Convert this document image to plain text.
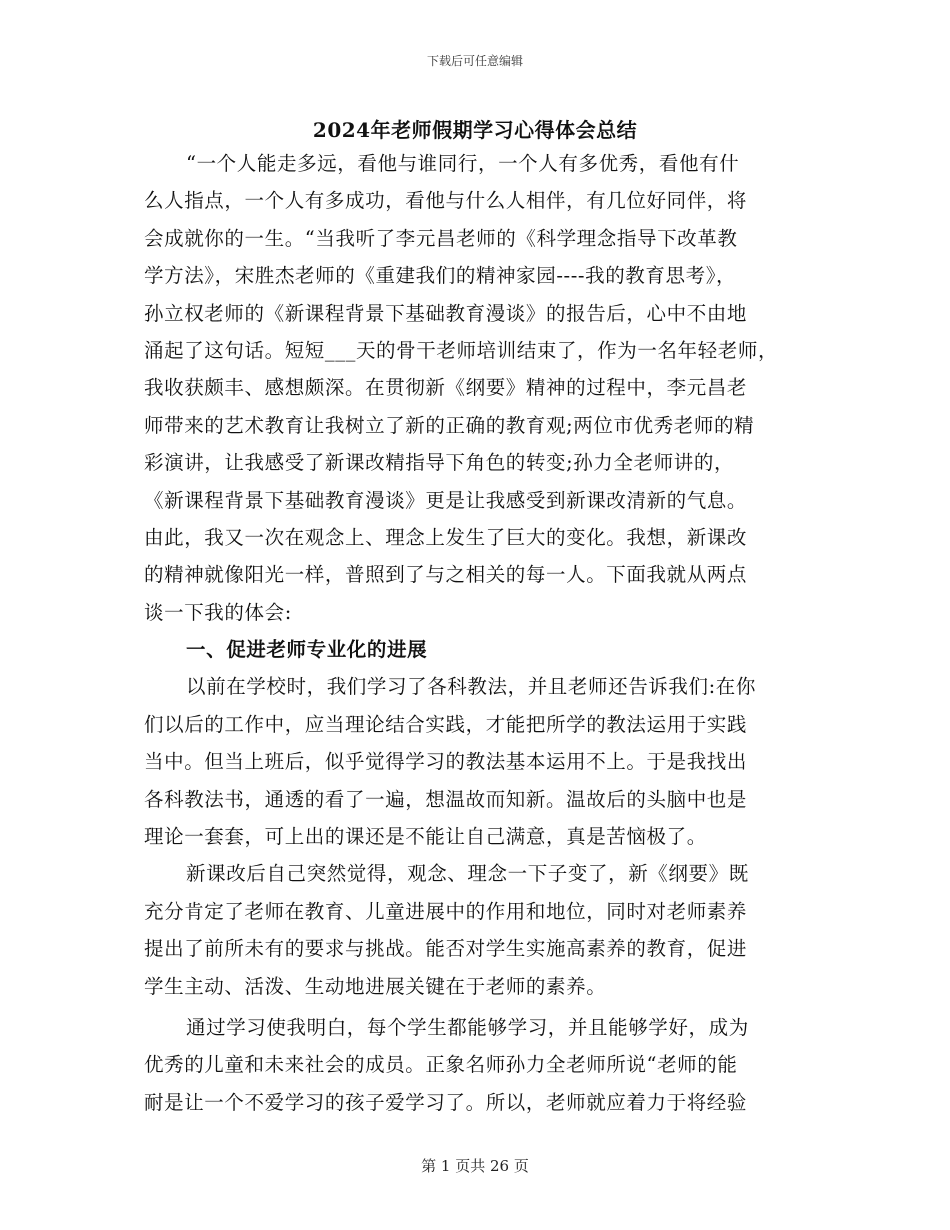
下载后可任意编辑
2024年老师假期学习心得体会总结
“一个人能走多远，看他与谁同行，一个人有多优秀，看他有什
么人指点，一个人有多成功，看他与什么人相伴，有几位好同伴，将
会成就你的一生。“当我听了李元昌老师的《科学理念指导下改革教
学方法》，宋胜杰老师的《重建我们的精神家园----我的教育思考》，
孙立权老师的《新课程背景下基础教育漫谈》的报告后，心中不由地
涌起了这句话。短短___天的骨干老师培训结束了，作为一名年轻老师，
我收获颇丰、感想颇深。在贯彻新《纲要》精神的过程中，李元昌老
师带来的艺术教育让我树立了新的正确的教育观;两位市优秀老师的精
彩演讲，让我感受了新课改精指导下角色的转变;孙力全老师讲的，
《新课程背景下基础教育漫谈》更是让我感受到新课改清新的气息。
由此，我又一次在观念上、理念上发生了巨大的变化。我想，新课改
的精神就像阳光一样，普照到了与之相关的每一人。下面我就从两点
谈一下我的体会:
一、促进老师专业化的进展
以前在学校时，我们学习了各科教法，并且老师还告诉我们:在你
们以后的工作中，应当理论结合实践，才能把所学的教法运用于实践
当中。但当上班后，似乎觉得学习的教法基本运用不上。于是我找出
各科教法书，通透的看了一遍，想温故而知新。温故后的头脑中也是
理论一套套，可上出的课还是不能让自己满意，真是苦恼极了。
新课改后自己突然觉得，观念、理念一下子变了，新《纲要》既
充分肯定了老师在教育、儿童进展中的作用和地位，同时对老师素养
提出了前所未有的要求与挑战。能否对学生实施高素养的教育，促进
学生主动、活泼、生动地进展关键在于老师的素养。
通过学习使我明白，每个学生都能够学习，并且能够学好，成为
优秀的儿童和未来社会的成员。正象名师孙力全老师所说“老师的能
耐是让一个不爱学习的孩子爱学习了。所以，老师就应着力于将经验
第 1 页共 26 页
